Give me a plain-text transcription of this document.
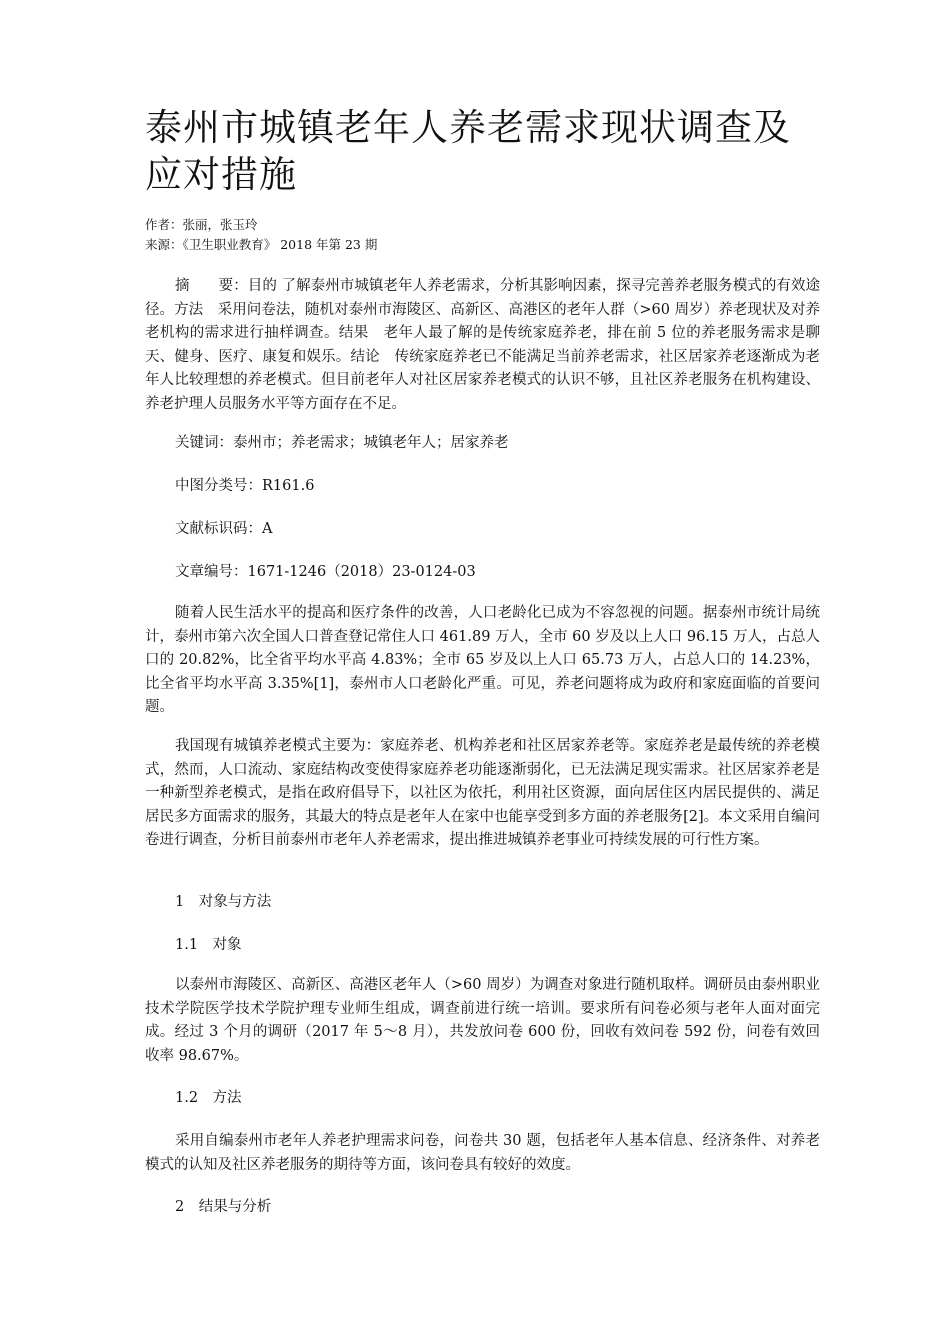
泰州市城镇老年人养老需求现状调查及应对措施
作者：张丽，张玉玲
来源：《卫生职业教育》 2018 年第 23 期

摘　　要：目的 了解泰州市城镇老年人养老需求，分析其影响因素，探寻完善养老服务模式的有效途径。方法　采用问卷法，随机对泰州市海陵区、高新区、高港区的老年人群（>60 周岁）养老现状及对养老机构的需求进行抽样调查。结果　老年人最了解的是传统家庭养老，排在前 5 位的养老服务需求是聊天、健身、医疗、康复和娱乐。结论　传统家庭养老已不能满足当前养老需求，社区居家养老逐渐成为老年人比较理想的养老模式。但目前老年人对社区居家养老模式的认识不够，且社区养老服务在机构建设、养老护理人员服务水平等方面存在不足。

关键词：泰州市；养老需求；城镇老年人；居家养老

中图分类号：R161.6

文献标识码：A

文章编号：1671-1246（2018）23-0124-03

随着人民生活水平的提高和医疗条件的改善，人口老龄化已成为不容忽视的问题。据泰州市统计局统计，泰州市第六次全国人口普查登记常住人口 461.89 万人，全市 60 岁及以上人口 96.15 万人，占总人口的 20.82%，比全省平均水平高 4.83%；全市 65 岁及以上人口 65.73 万人，占总人口的 14.23%，比全省平均水平高 3.35%[1]，泰州市人口老龄化严重。可见，养老问题将成为政府和家庭面临的首要问题。

我国现有城镇养老模式主要为：家庭养老、机构养老和社区居家养老等。家庭养老是最传统的养老模式，然而，人口流动、家庭结构改变使得家庭养老功能逐渐弱化，已无法满足现实需求。社区居家养老是一种新型养老模式，是指在政府倡导下，以社区为依托，利用社区资源，面向居住区内居民提供的、满足居民多方面需求的服务，其最大的特点是老年人在家中也能享受到多方面的养老服务[2]。本文采用自编问卷进行调查，分析目前泰州市老年人养老需求，提出推进城镇养老事业可持续发展的可行性方案。

1　对象与方法

1.1　对象

以泰州市海陵区、高新区、高港区老年人（>60 周岁）为调查对象进行随机取样。调研员由泰州职业技术学院医学技术学院护理专业师生组成，调查前进行统一培训。要求所有问卷必须与老年人面对面完成。经过 3 个月的调研（2017 年 5～8 月），共发放问卷 600 份，回收有效问卷 592 份，问卷有效回收率 98.67%。

1.2　方法

采用自编泰州市老年人养老护理需求问卷，问卷共 30 题，包括老年人基本信息、经济条件、对养老模式的认知及社区养老服务的期待等方面，该问卷具有较好的效度。

2　结果与分析
